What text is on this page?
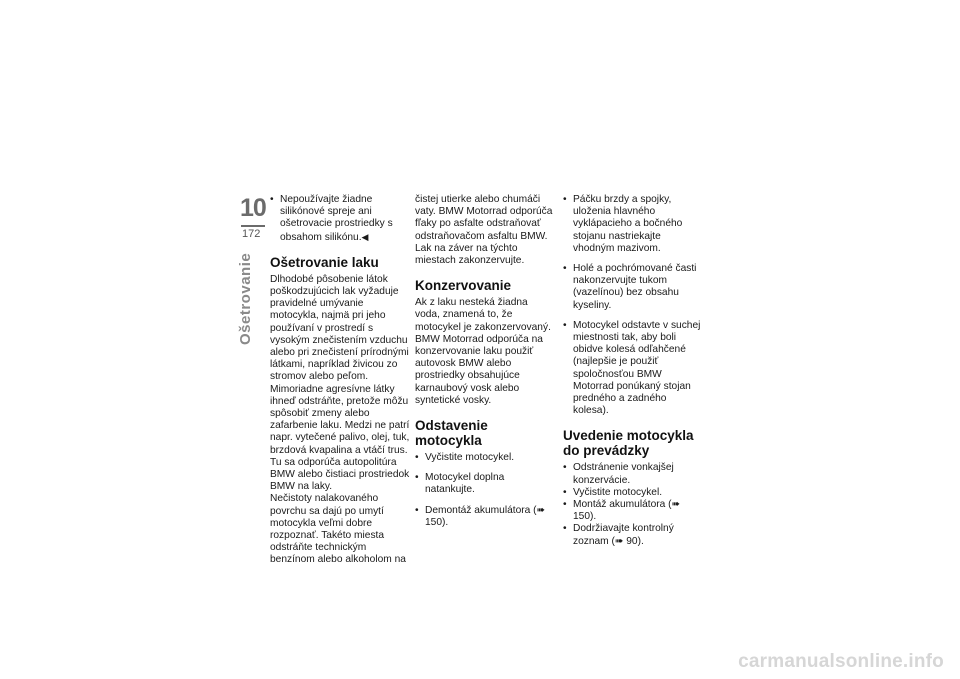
10
172
Ošetrovanie

• Nepoužívajte žiadne silikónové spreje ani ošetrovacie prostriedky s obsahom silikónu.◀

Ošetrovanie laku

Dlhodobé pôsobenie látok poškodzujúcich lak vyžaduje pravidelné umývanie motocykla, najmä pri jeho používaní v prostredí s vysokým znečistením vzduchu alebo pri znečistení prírodnými látkami, napríklad živicou zo stromov alebo peľom.

Mimoriadne agresívne látky ihneď odstráňte, pretože môžu spôsobiť zmeny alebo zafarbenie laku. Medzi ne patrí napr. vytečené palivo, olej, tuk, brzdová kvapalina a vtáčí trus. Tu sa odporúča autopolitúra BMW alebo čistiaci prostriedok BMW na laky.

Nečistoty nalakovaného povrchu sa dajú po umytí motocykla veľmi dobre rozpoznať. Takéto miesta odstráňte technickým benzínom alebo alkoholom na

čistej utierke alebo chumáči vaty. BMW Motorrad odporúča fľaky po asfalte odstraňovať odstraňovačom asfaltu BMW. Lak na záver na týchto miestach zakonzervujte.

Konzervovanie

Ak z laku nesteká žiadna voda, znamená to, že motocykel je zakonzervovaný.

BMW Motorrad odporúča na konzervovanie laku použiť autovosk BMW alebo prostriedky obsahujúce karnaubový vosk alebo syntetické vosky.

Odstavenie motocykla

• Vyčistite motocykel.

• Motocykel doplna natankujte.

• Demontáž akumulátora (➠ 150).

• Páčku brzdy a spojky, uloženia hlavného vyklápacieho a bočného stojanu nastriekajte vhodným mazivom.

• Holé a pochrómované časti nakonzervujte tukom (vazelínou) bez obsahu kyseliny.

• Motocykel odstavte v suchej miestnosti tak, aby boli obidve kolesá odľahčené (najlepšie je použiť spoločnosťou BMW Motorrad ponúkaný stojan predného a zadného kolesa).

Uvedenie motocykla do prevádzky

• Odstránenie vonkajšej konzervácie.

• Vyčistite motocykel.

• Montáž akumulátora (➠ 150).

• Dodržiavajte kontrolný zoznam (➠ 90).

carmanualsonline.info
